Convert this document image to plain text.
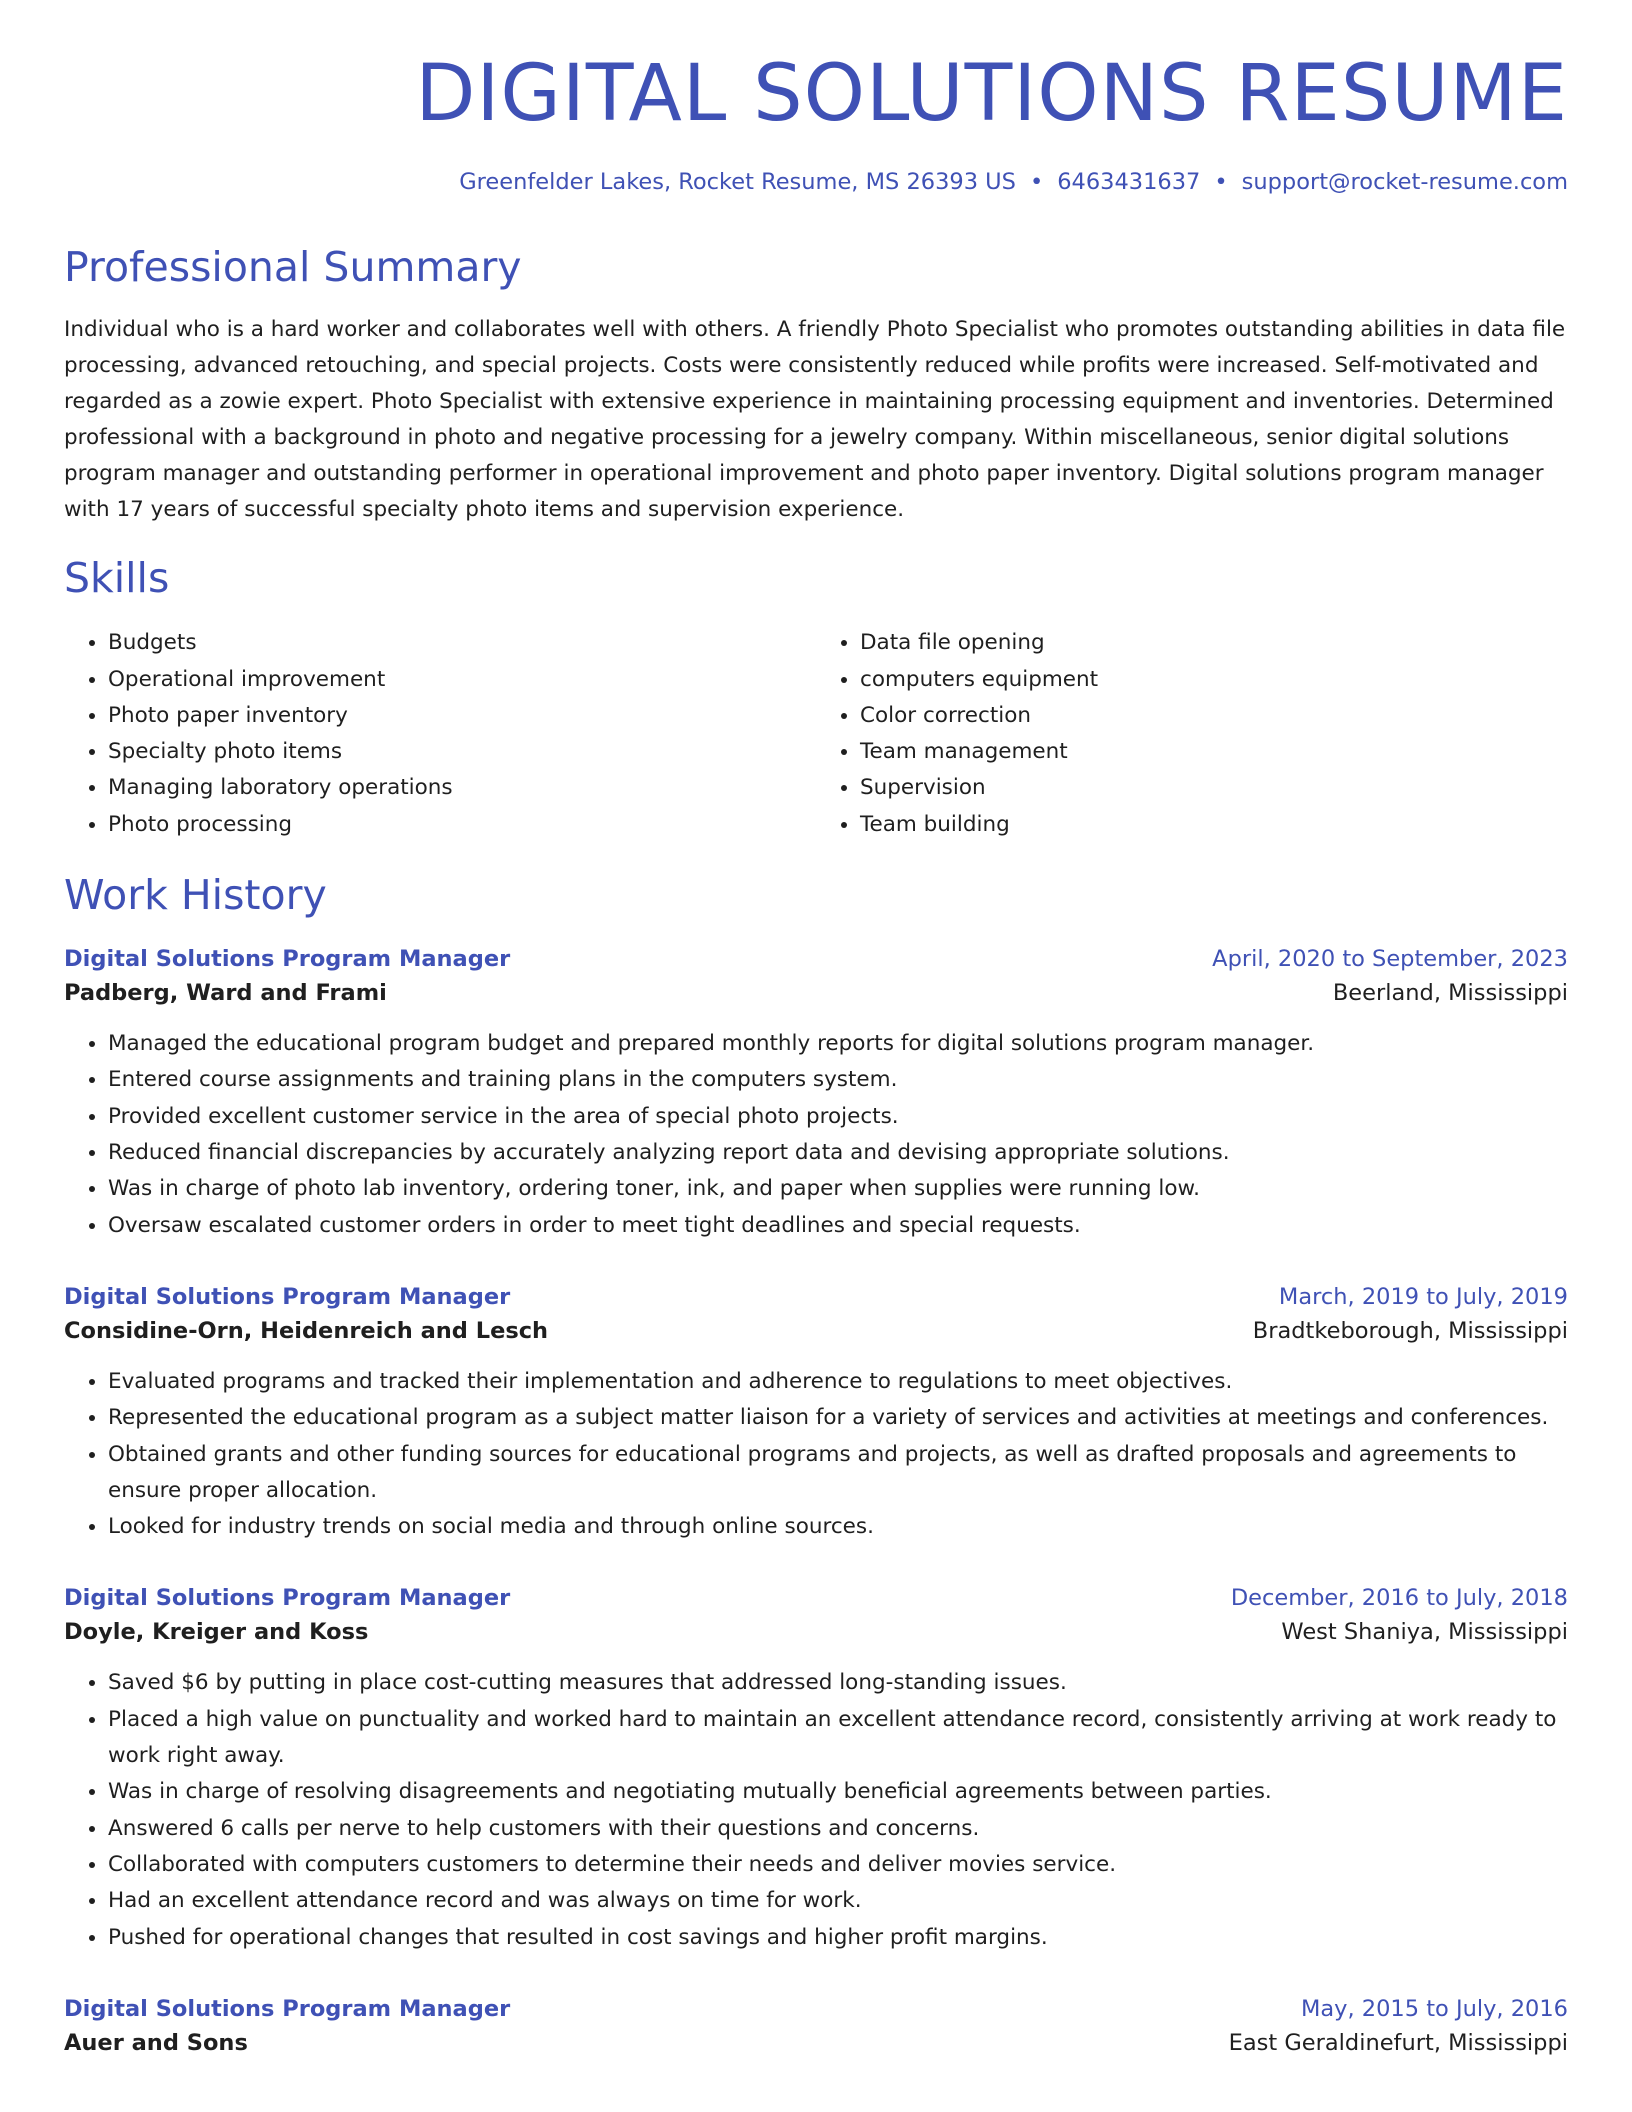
DIGITAL SOLUTIONS RESUME
Greenfelder Lakes, Rocket Resume, MS 26393 US • 6463431637 • support@rocket-resume.com
Professional Summary

Individual who is a hard worker and collaborates well with others. A friendly Photo Specialist who promotes outstanding abilities in data file processing, advanced retouching, and special projects. Costs were consistently reduced while profits were increased. Self-motivated and regarded as a zowie expert. Photo Specialist with extensive experience in maintaining processing equipment and inventories. Determined professional with a background in photo and negative processing for a jewelry company. Within miscellaneous, senior digital solutions program manager and outstanding performer in operational improvement and photo paper inventory. Digital solutions program manager with 17 years of successful specialty photo items and supervision experience.

Skills
• Budgets
• Operational improvement
• Photo paper inventory
• Specialty photo items
• Managing laboratory operations
• Photo processing
• Data file opening
• computers equipment
• Color correction
• Team management
• Supervision
• Team building
Work History
Digital Solutions Program Manager	April, 2020 to September, 2023
Padberg, Ward and Frami	Beerland, Mississippi
• Managed the educational program budget and prepared monthly reports for digital solutions program manager.
• Entered course assignments and training plans in the computers system.
• Provided excellent customer service in the area of special photo projects.
• Reduced financial discrepancies by accurately analyzing report data and devising appropriate solutions.
• Was in charge of photo lab inventory, ordering toner, ink, and paper when supplies were running low.
• Oversaw escalated customer orders in order to meet tight deadlines and special requests.
Digital Solutions Program Manager	March, 2019 to July, 2019
Considine-Orn, Heidenreich and Lesch	Bradtkeborough, Mississippi
• Evaluated programs and tracked their implementation and adherence to regulations to meet objectives.
• Represented the educational program as a subject matter liaison for a variety of services and activities at meetings and conferences.
• Obtained grants and other funding sources for educational programs and projects, as well as drafted proposals and agreements to ensure proper allocation.
• Looked for industry trends on social media and through online sources.
Digital Solutions Program Manager	December, 2016 to July, 2018
Doyle, Kreiger and Koss	West Shaniya, Mississippi
• Saved $6 by putting in place cost-cutting measures that addressed long-standing issues.
• Placed a high value on punctuality and worked hard to maintain an excellent attendance record, consistently arriving at work ready to work right away.
• Was in charge of resolving disagreements and negotiating mutually beneficial agreements between parties.
• Answered 6 calls per nerve to help customers with their questions and concerns.
• Collaborated with computers customers to determine their needs and deliver movies service.
• Had an excellent attendance record and was always on time for work.
• Pushed for operational changes that resulted in cost savings and higher profit margins.
Digital Solutions Program Manager	May, 2015 to July, 2016
Auer and Sons	East Geraldinefurt, Mississippi
